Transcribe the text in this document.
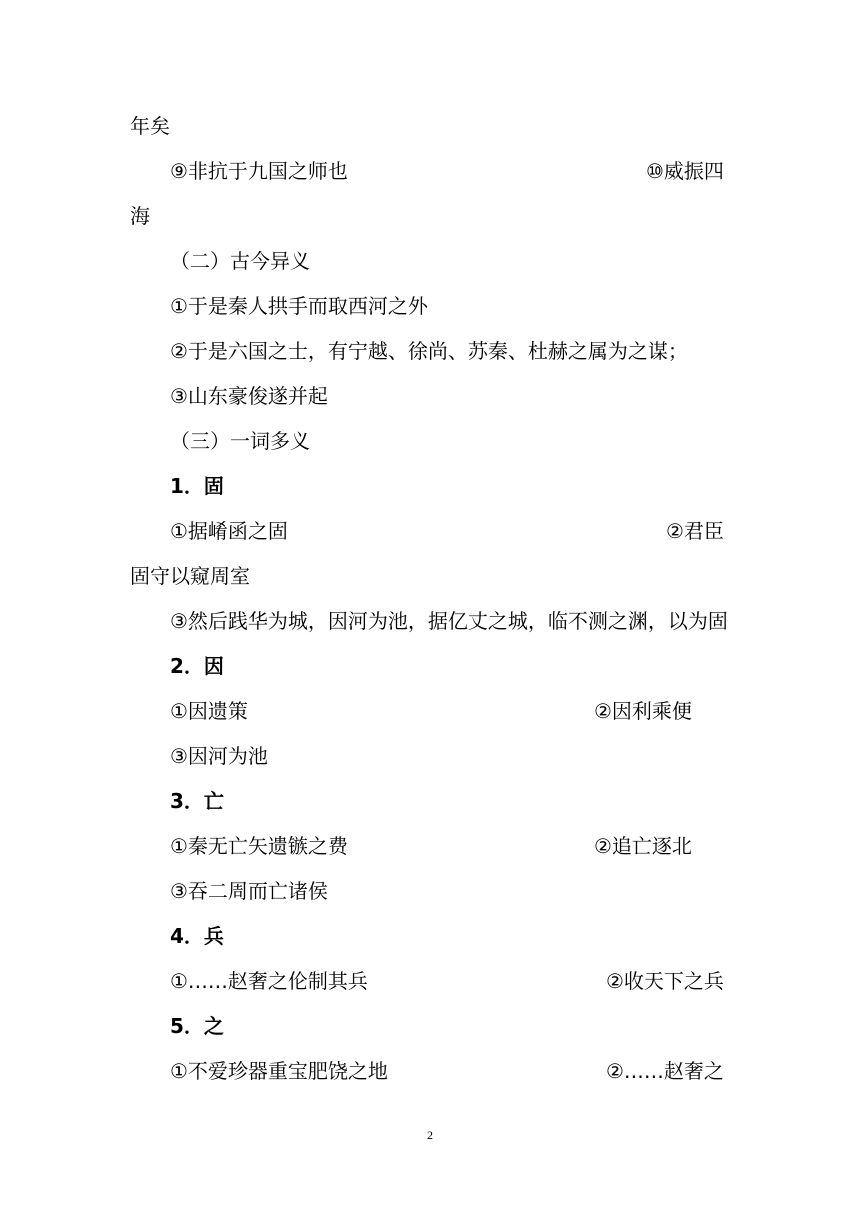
年矣
⑨非抗于九国之师也	⑩威振四
海
（二）古今异义
①于是秦人拱手而取西河之外
②于是六国之士，有宁越、徐尚、苏秦、杜赫之属为之谋；
③山东豪俊遂并起
（三）一词多义
1．固
①据崤函之固	②君臣
固守以窥周室
③然后践华为城，因河为池，据亿丈之城，临不测之渊，以为固
2．因
①因遗策	②因利乘便
③因河为池
3．亡
①秦无亡矢遗镞之费	②追亡逐北
③吞二周而亡诸侯
4．兵
①……赵奢之伦制其兵	②收天下之兵
5．之
①不爱珍器重宝肥饶之地	②……赵奢之
2
